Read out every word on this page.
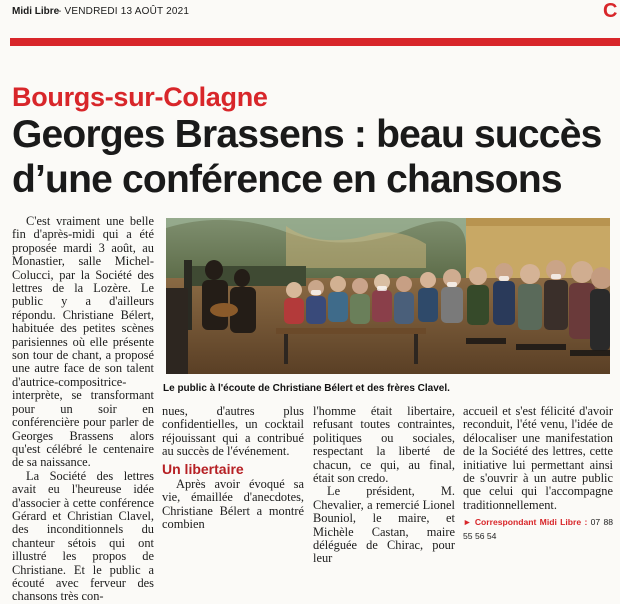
Midi Libre
- VENDREDI 13 AOÛT 2021	C
Bourgs-sur-Colagne
Georges Brassens : beau succès
d’une conférence en chansons

C'est vraiment une belle fin d'après-midi qui a été proposée mardi 3 août, au Monastier, salle Michel-Colucci, par la Société des lettres de la Lozère. Le public y a d'ailleurs répondu. Christiane Bélert, habituée des petites scènes parisiennes où elle présente son tour de chant, a proposé une autre face de son talent d'autrice-compositrice-interprète, se transformant pour un soir en conférencière pour parler de Georges Brassens alors qu'est célébré le centenaire de sa naissance.

La Société des lettres avait eu l'heureuse idée d'associer à cette conférence Gérard et Christian Clavel, des inconditionnels du chanteur sétois qui ont illustré les propos de Christiane. Et le public a écouté avec ferveur des chansons très con-

Le public à l'écoute de Christiane Bélert et des frères Clavel.

nues, d'autres plus confidentielles, un cocktail réjouissant qui a contribué au succès de l'événement.

Un libertaire

Après avoir évoqué sa vie, émaillée d'anecdotes, Christiane Bélert a montré combien

l'homme était libertaire, refusant toutes contraintes, politiques ou sociales, respectant la liberté de chacun, ce qui, au final, était son credo.

Le président, M. Chevalier, a remercié Lionel Bouniol, le maire, et Michèle Castan, maire déléguée de Chirac, pour leur

accueil et s'est félicité d'avoir reconduit, l'été venu, l'idée de délocaliser une manifestation de la Société des lettres, cette initiative lui permettant ainsi de s'ouvrir à un autre public que celui qui l'accompagne traditionnellement.

► Correspondant Midi Libre : 07 88 55 56 54
